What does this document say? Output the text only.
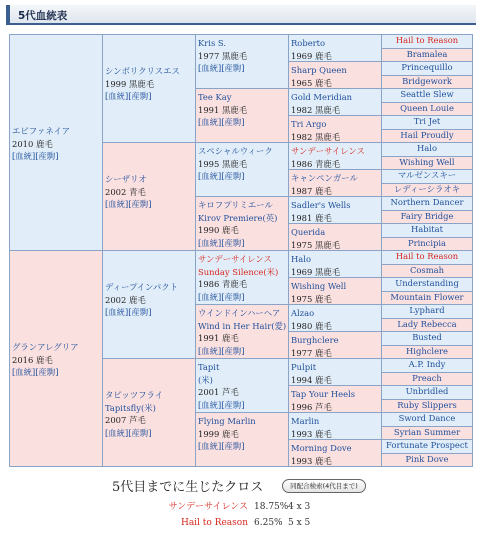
5代血統表
エピファネイア
2010 鹿毛
[血統][産駒]
グランアレグリア
2016 鹿毛
[血統][産駒]
シンボリクリスエス
1999 黒鹿毛
[血統][産駒]
シーザリオ
2002 青毛
[血統][産駒]
ディープインパクト
2002 鹿毛
[血統][産駒]
タピッツフライ
Tapitsfly(米)
2007 芦毛
[血統][産駒]
Kris S.
1977 黒鹿毛
[血統][産駒]
Tee Kay
1991 黒鹿毛
[血統][産駒]
スペシャルウィーク
1995 黒鹿毛
[血統][産駒]
キロフプリミエール
Kirov Premiere(英)
1990 鹿毛
[血統][産駒]
サンデーサイレンス
Sunday Silence(米)
1986 青鹿毛
[血統][産駒]
ウインドインハーヘア
Wind in Her Hair(愛)
1991 鹿毛
[血統][産駒]
Tapit
(米)
2001 芦毛
[血統][産駒]
Flying Marlin
1999 鹿毛
[血統][産駒]
Roberto
1969 鹿毛
Sharp Queen
1965 鹿毛
Gold Meridian
1982 黒鹿毛
Tri Argo
1982 黒鹿毛
サンデーサイレンス
1986 青鹿毛
キャンペンガール
1987 鹿毛
Sadler's Wells
1981 鹿毛
Querida
1975 黒鹿毛
Halo
1969 黒鹿毛
Wishing Well
1975 鹿毛
Alzao
1980 鹿毛
Burghclere
1977 鹿毛
Pulpit
1994 鹿毛
Tap Your Heels
1996 芦毛
Marlin
1993 鹿毛
Morning Dove
1993 鹿毛
Hail to Reason
Bramalea
Princequillo
Bridgework
Seattle Slew
Queen Louie
Tri Jet
Hail Proudly
Halo
Wishing Well
マルゼンスキー
レディーシラオキ
Northern Dancer
Fairy Bridge
Habitat
Principia
Hail to Reason
Cosmah
Understanding
Mountain Flower
Lyphard
Lady Rebecca
Busted
Highclere
A.P. Indy
Preach
Unbridled
Ruby Slippers
Sword Dance
Syrian Summer
Fortunate Prospect
Pink Dove
5代目までに生じたクロス	同配合検索(4代目まで)
サンデーサイレンス 18.75% 4 x 3
Hail to Reason 6.25% 5 x 5
